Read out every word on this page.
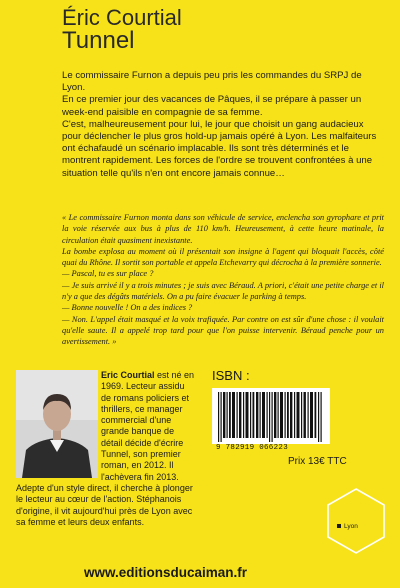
Éric Courtial
Tunnel

Le commissaire Furnon a depuis peu pris les commandes du SRPJ de Lyon.

En ce premier jour des vacances de Pâques, il se prépare à passer un week-end paisible en compagnie de sa femme.

C'est, malheureusement pour lui, le jour que choisit un gang audacieux pour déclencher le plus gros hold-up jamais opéré à Lyon. Les malfaiteurs ont échafaudé un scénario implacable. Ils sont très déterminés et le montrent rapidement. Les forces de l'ordre se trouvent confrontées à une situation telle qu'ils n'en ont encore jamais connue…

« Le commissaire Furnon monta dans son véhicule de service, enclencha son gyrophare et prit la voie réservée aux bus à plus de 110 km/h. Heureusement, à cette heure matinale, la circulation était quasiment inexistante.

La bombe explosa au moment où il présentait son insigne à l'agent qui bloquait l'accès, côté quai du Rhône. Il sortit son portable et appela Etchevarry qui décrocha à la première sonnerie.

— Pascal, tu es sur place ?

— Je suis arrivé il y a trois minutes ; je suis avec Béraud. A priori, c'était une petite charge et il n'y a que des dégâts matériels. On a pu faire évacuer le parking à temps.

— Bonne nouvelle ! On a des indices ?

— Non. L'appel était masqué et la voix trafiquée. Par contre on est sûr d'une chose : il voulait qu'elle saute. Il a appelé trop tard pour que l'on puisse intervenir. Béraud penche pour un avertissement. »

Eric Courtial est né en 1969. Lecteur assidu de romans policiers et thrillers, ce manager commercial d'une grande banque de détail décide d'écrire Tunnel, son premier roman, en 2012. Il l'achèvera fin 2013. Adepte d'un style direct, il cherche à plonger le lecteur au cœur de l'action. Stéphanois d'origine, il vit aujourd'hui près de Lyon avec sa femme et leurs deux enfants.

ISBN :
9 782919 066223
Prix 13€ TTC
Lyon
www.editionsducaiman.fr
